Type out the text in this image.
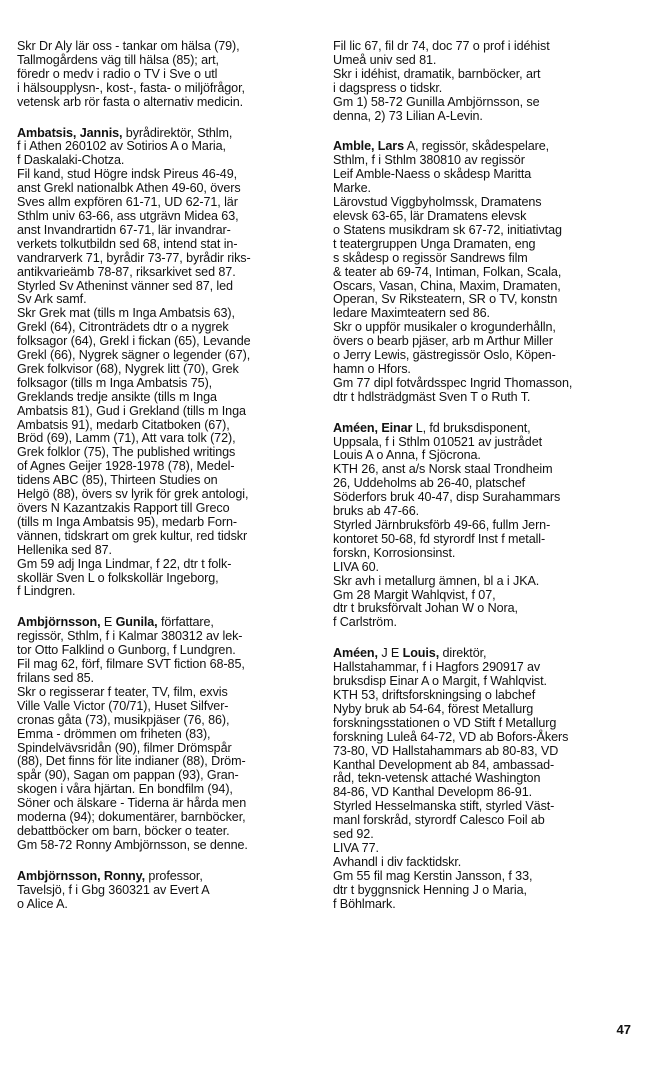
Skr Dr Aly lär oss - tankar om hälsa (79),
Tallmogårdens väg till hälsa (85); art,
föredr o medv i radio o TV i Sve o utl
i hälsoupplysn-, kost-, fasta- o miljöfrågor,
vetensk arb rör fasta o alternativ medicin.
Ambatsis, Jannis, byrådirektör, Sthlm,
f i Athen 260102 av Sotirios A o Maria,
f Daskalaki-Chotza.
Fil kand, stud Högre indsk Pireus 46-49,
anst Grekl nationalbk Athen 49-60, övers
Sves allm expfören 61-71, UD 62-71, lär
Sthlm univ 63-66, ass utgrävn Midea 63,
anst Invandrartidn 67-71, lär invandrar-
verkets tolkutbildn sed 68, intend stat in-
vandrarverk 71, byrådir 73-77, byrådir riks-
antikvarieämb 78-87, riksarkivet sed 87.
Styrled Sv Atheninst vänner sed 87, led
Sv Ark samf.
Skr Grek mat (tills m Inga Ambatsis 63),
Grekl (64), Citronträdets dtr o a nygrek
folksagor (64), Grekl i fickan (65), Levande
Grekl (66), Nygrek sägner o legender (67),
Grek folkvisor (68), Nygrek litt (70), Grek
folksagor (tills m Inga Ambatsis 75),
Greklands tredje ansikte (tills m Inga
Ambatsis 81), Gud i Grekland (tills m Inga
Ambatsis 91), medarb Citatboken (67),
Bröd (69), Lamm (71), Att vara tolk (72),
Grek folklor (75), The published writings
of Agnes Geijer 1928-1978 (78), Medel-
tidens ABC (85), Thirteen Studies on
Helgö (88), övers sv lyrik för grek antologi,
övers N Kazantzakis Rapport till Greco
(tills m Inga Ambatsis 95), medarb Forn-
vännen, tidskrart om grek kultur, red tidskr
Hellenika sed 87.
Gm 59 adj Inga Lindmar, f 22, dtr t folk-
skollär Sven L o folkskollär Ingeborg,
f Lindgren.
Ambjörnsson, E Gunila, författare,
regissör, Sthlm, f i Kalmar 380312 av lek-
tor Otto Falklind o Gunborg, f Lundgren.
Fil mag 62, förf, filmare SVT fiction 68-85,
frilans sed 85.
Skr o regisserar f teater, TV, film, exvis
Ville Valle Victor (70/71), Huset Silfver-
cronas gåta (73), musikpjäser (76, 86),
Emma - drömmen om friheten (83),
Spindelvävsridån (90), filmer Drömspår
(88), Det finns för lite indianer (88), Dröm-
spår (90), Sagan om pappan (93), Gran-
skogen i våra hjärtan. En bondfilm (94),
Söner och älskare - Tiderna är hårda men
moderna (94); dokumentärer, barnböcker,
debattböcker om barn, böcker o teater.
Gm 58-72 Ronny Ambjörnsson, se denne.
Ambjörnsson, Ronny, professor,
Tavelsjö, f i Gbg 360321 av Evert A
o Alice A.
Fil lic 67, fil dr 74, doc 77 o prof i idéhist
Umeå univ sed 81.
Skr i idéhist, dramatik, barnböcker, art
i dagspress o tidskr.
Gm 1) 58-72 Gunilla Ambjörnsson, se
denna, 2) 73 Lilian A-Levin.
Amble, Lars A, regissör, skådespelare,
Sthlm, f i Sthlm 380810 av regissör
Leif Amble-Naess o skådesp Maritta
Marke.
Lärovstud Viggbyholmssk, Dramatens
elevsk 63-65, lär Dramatens elevsk
o Statens musikdram sk 67-72, initiativtag
t teatergruppen Unga Dramaten, eng
s skådesp o regissör Sandrews film
& teater ab 69-74, Intiman, Folkan, Scala,
Oscars, Vasan, China, Maxim, Dramaten,
Operan, Sv Riksteatern, SR o TV, konstn
ledare Maximteatern sed 86.
Skr o uppför musikaler o krogunderhålln,
övers o bearb pjäser, arb m Arthur Miller
o Jerry Lewis, gästregissör Oslo, Köpen-
hamn o Hfors.
Gm 77 dipl fotvårdsspec Ingrid Thomasson,
dtr t hdlsträdgmäst Sven T o Ruth T.
Améen, Einar L, fd bruksdisponent,
Uppsala, f i Sthlm 010521 av justrådet
Louis A o Anna, f Sjöcrona.
KTH 26, anst a/s Norsk staal Trondheim
26, Uddeholms ab 26-40, platschef
Söderfors bruk 40-47, disp Surahammars
bruks ab 47-66.
Styrled Järnbruksförb 49-66, fullm Jern-
kontoret 50-68, fd styrordf Inst f metall-
forskn, Korrosionsinst.
LIVA 60.
Skr avh i metallurg ämnen, bl a i JKA.
Gm 28 Margit Wahlqvist, f 07,
dtr t bruksförvalt Johan W o Nora,
f Carlström.
Améen, J E Louis, direktör,
Hallstahammar, f i Hagfors 290917 av
bruksdisp Einar A o Margit, f Wahlqvist.
KTH 53, driftsforskningsing o labchef
Nyby bruk ab 54-64, förest Metallurg
forskningsstationen o VD Stift f Metallurg
forskning Luleå 64-72, VD ab Bofors-Åkers
73-80, VD Hallstahammars ab 80-83, VD
Kanthal Development ab 84, ambassad-
råd, tekn-vetensk attaché Washington
84-86, VD Kanthal Developm 86-91.
Styrled Hesselmanska stift, styrled Väst-
manl forskråd, styrordf Calesco Foil ab
sed 92.
LIVA 77.
Avhandl i div facktidskr.
Gm 55 fil mag Kerstin Jansson, f 33,
dtr t byggnsnick Henning J o Maria,
f Böhlmark.
47
